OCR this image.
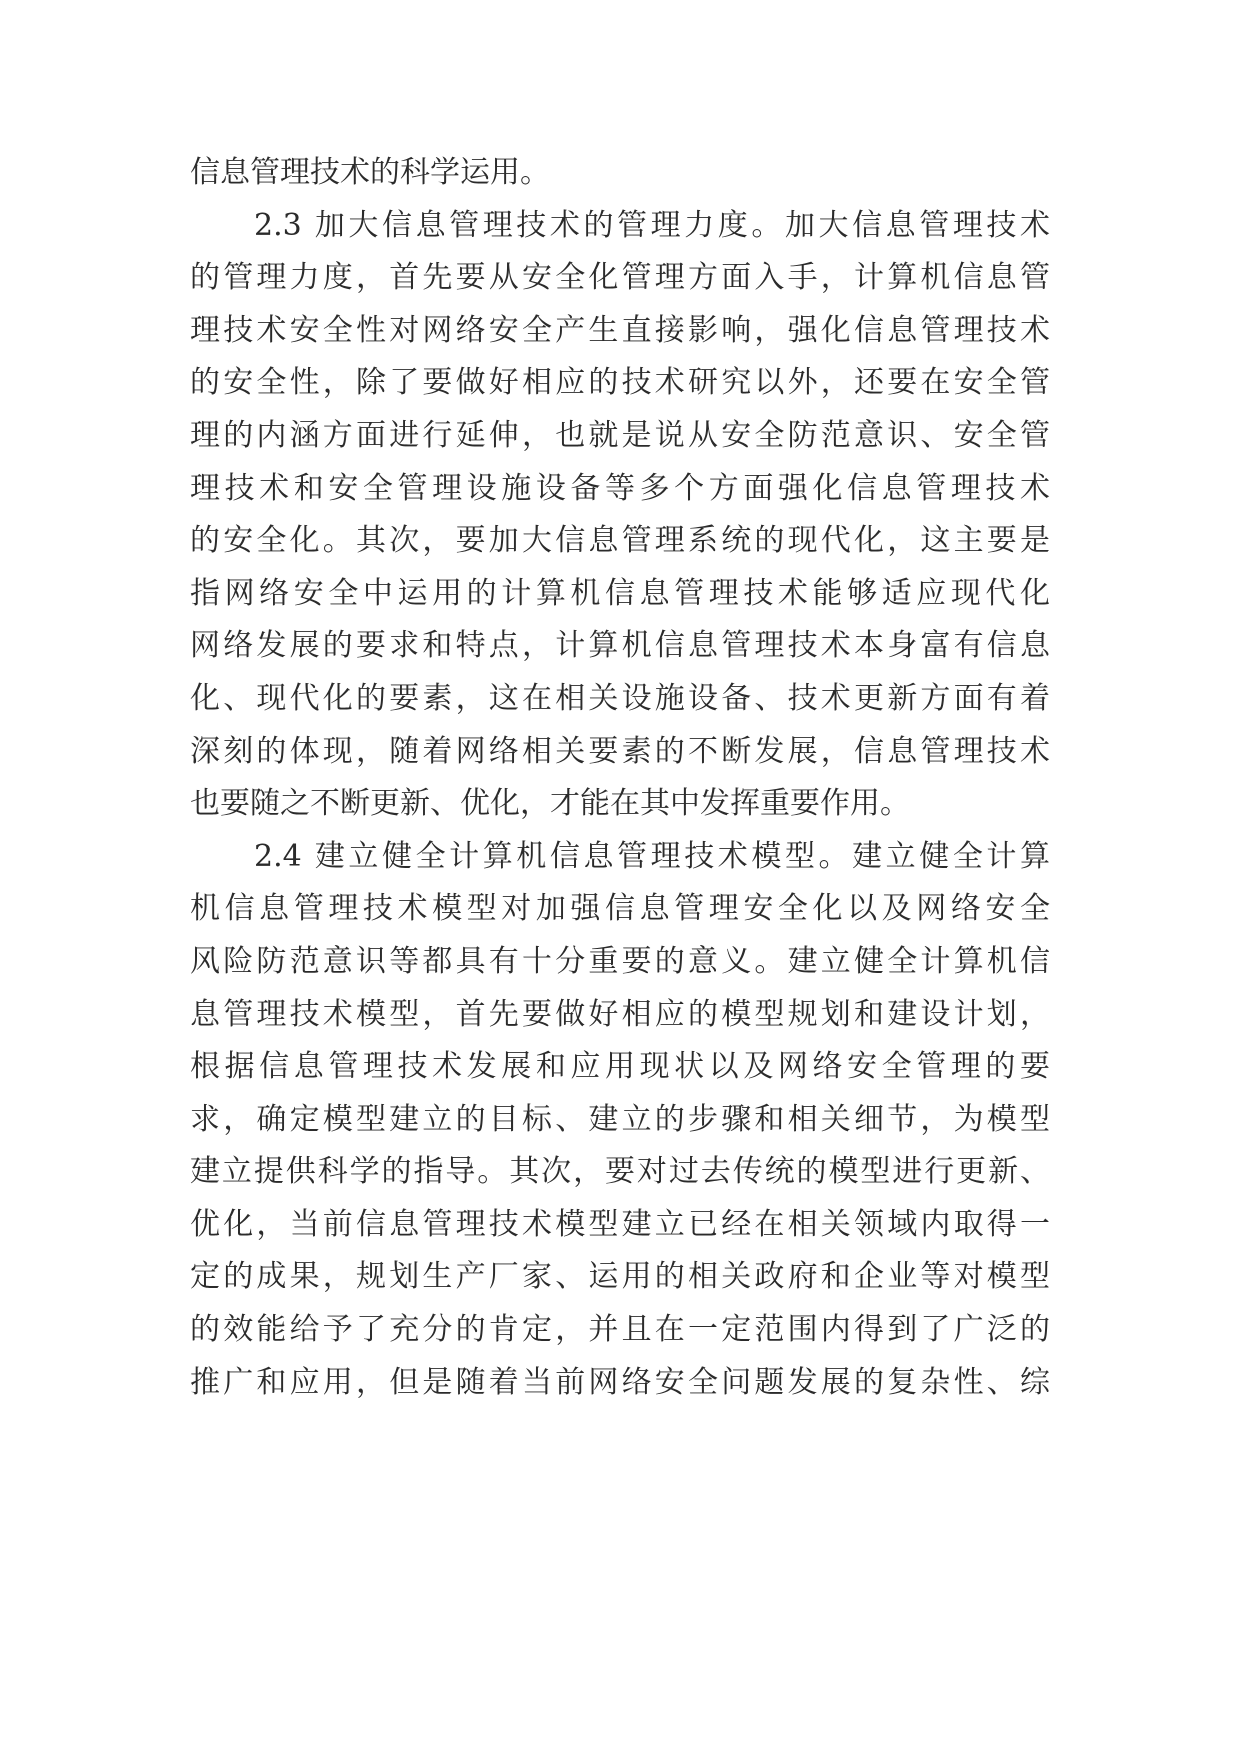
信息管理技术的科学运用。
2.3 加大信息管理技术的管理力度。加大信息管理技术
的管理力度，首先要从安全化管理方面入手，计算机信息管
理技术安全性对网络安全产生直接影响，强化信息管理技术
的安全性，除了要做好相应的技术研究以外，还要在安全管
理的内涵方面进行延伸，也就是说从安全防范意识、安全管
理技术和安全管理设施设备等多个方面强化信息管理技术
的安全化。其次，要加大信息管理系统的现代化，这主要是
指网络安全中运用的计算机信息管理技术能够适应现代化
网络发展的要求和特点，计算机信息管理技术本身富有信息
化、现代化的要素，这在相关设施设备、技术更新方面有着
深刻的体现，随着网络相关要素的不断发展，信息管理技术
也要随之不断更新、优化，才能在其中发挥重要作用。
2.4 建立健全计算机信息管理技术模型。建立健全计算
机信息管理技术模型对加强信息管理安全化以及网络安全
风险防范意识等都具有十分重要的意义。建立健全计算机信
息管理技术模型，首先要做好相应的模型规划和建设计划，
根据信息管理技术发展和应用现状以及网络安全管理的要
求，确定模型建立的目标、建立的步骤和相关细节，为模型
建立提供科学的指导。其次，要对过去传统的模型进行更新、
优化，当前信息管理技术模型建立已经在相关领域内取得一
定的成果，规划生产厂家、运用的相关政府和企业等对模型
的效能给予了充分的肯定，并且在一定范围内得到了广泛的
推广和应用，但是随着当前网络安全问题发展的复杂性、综
